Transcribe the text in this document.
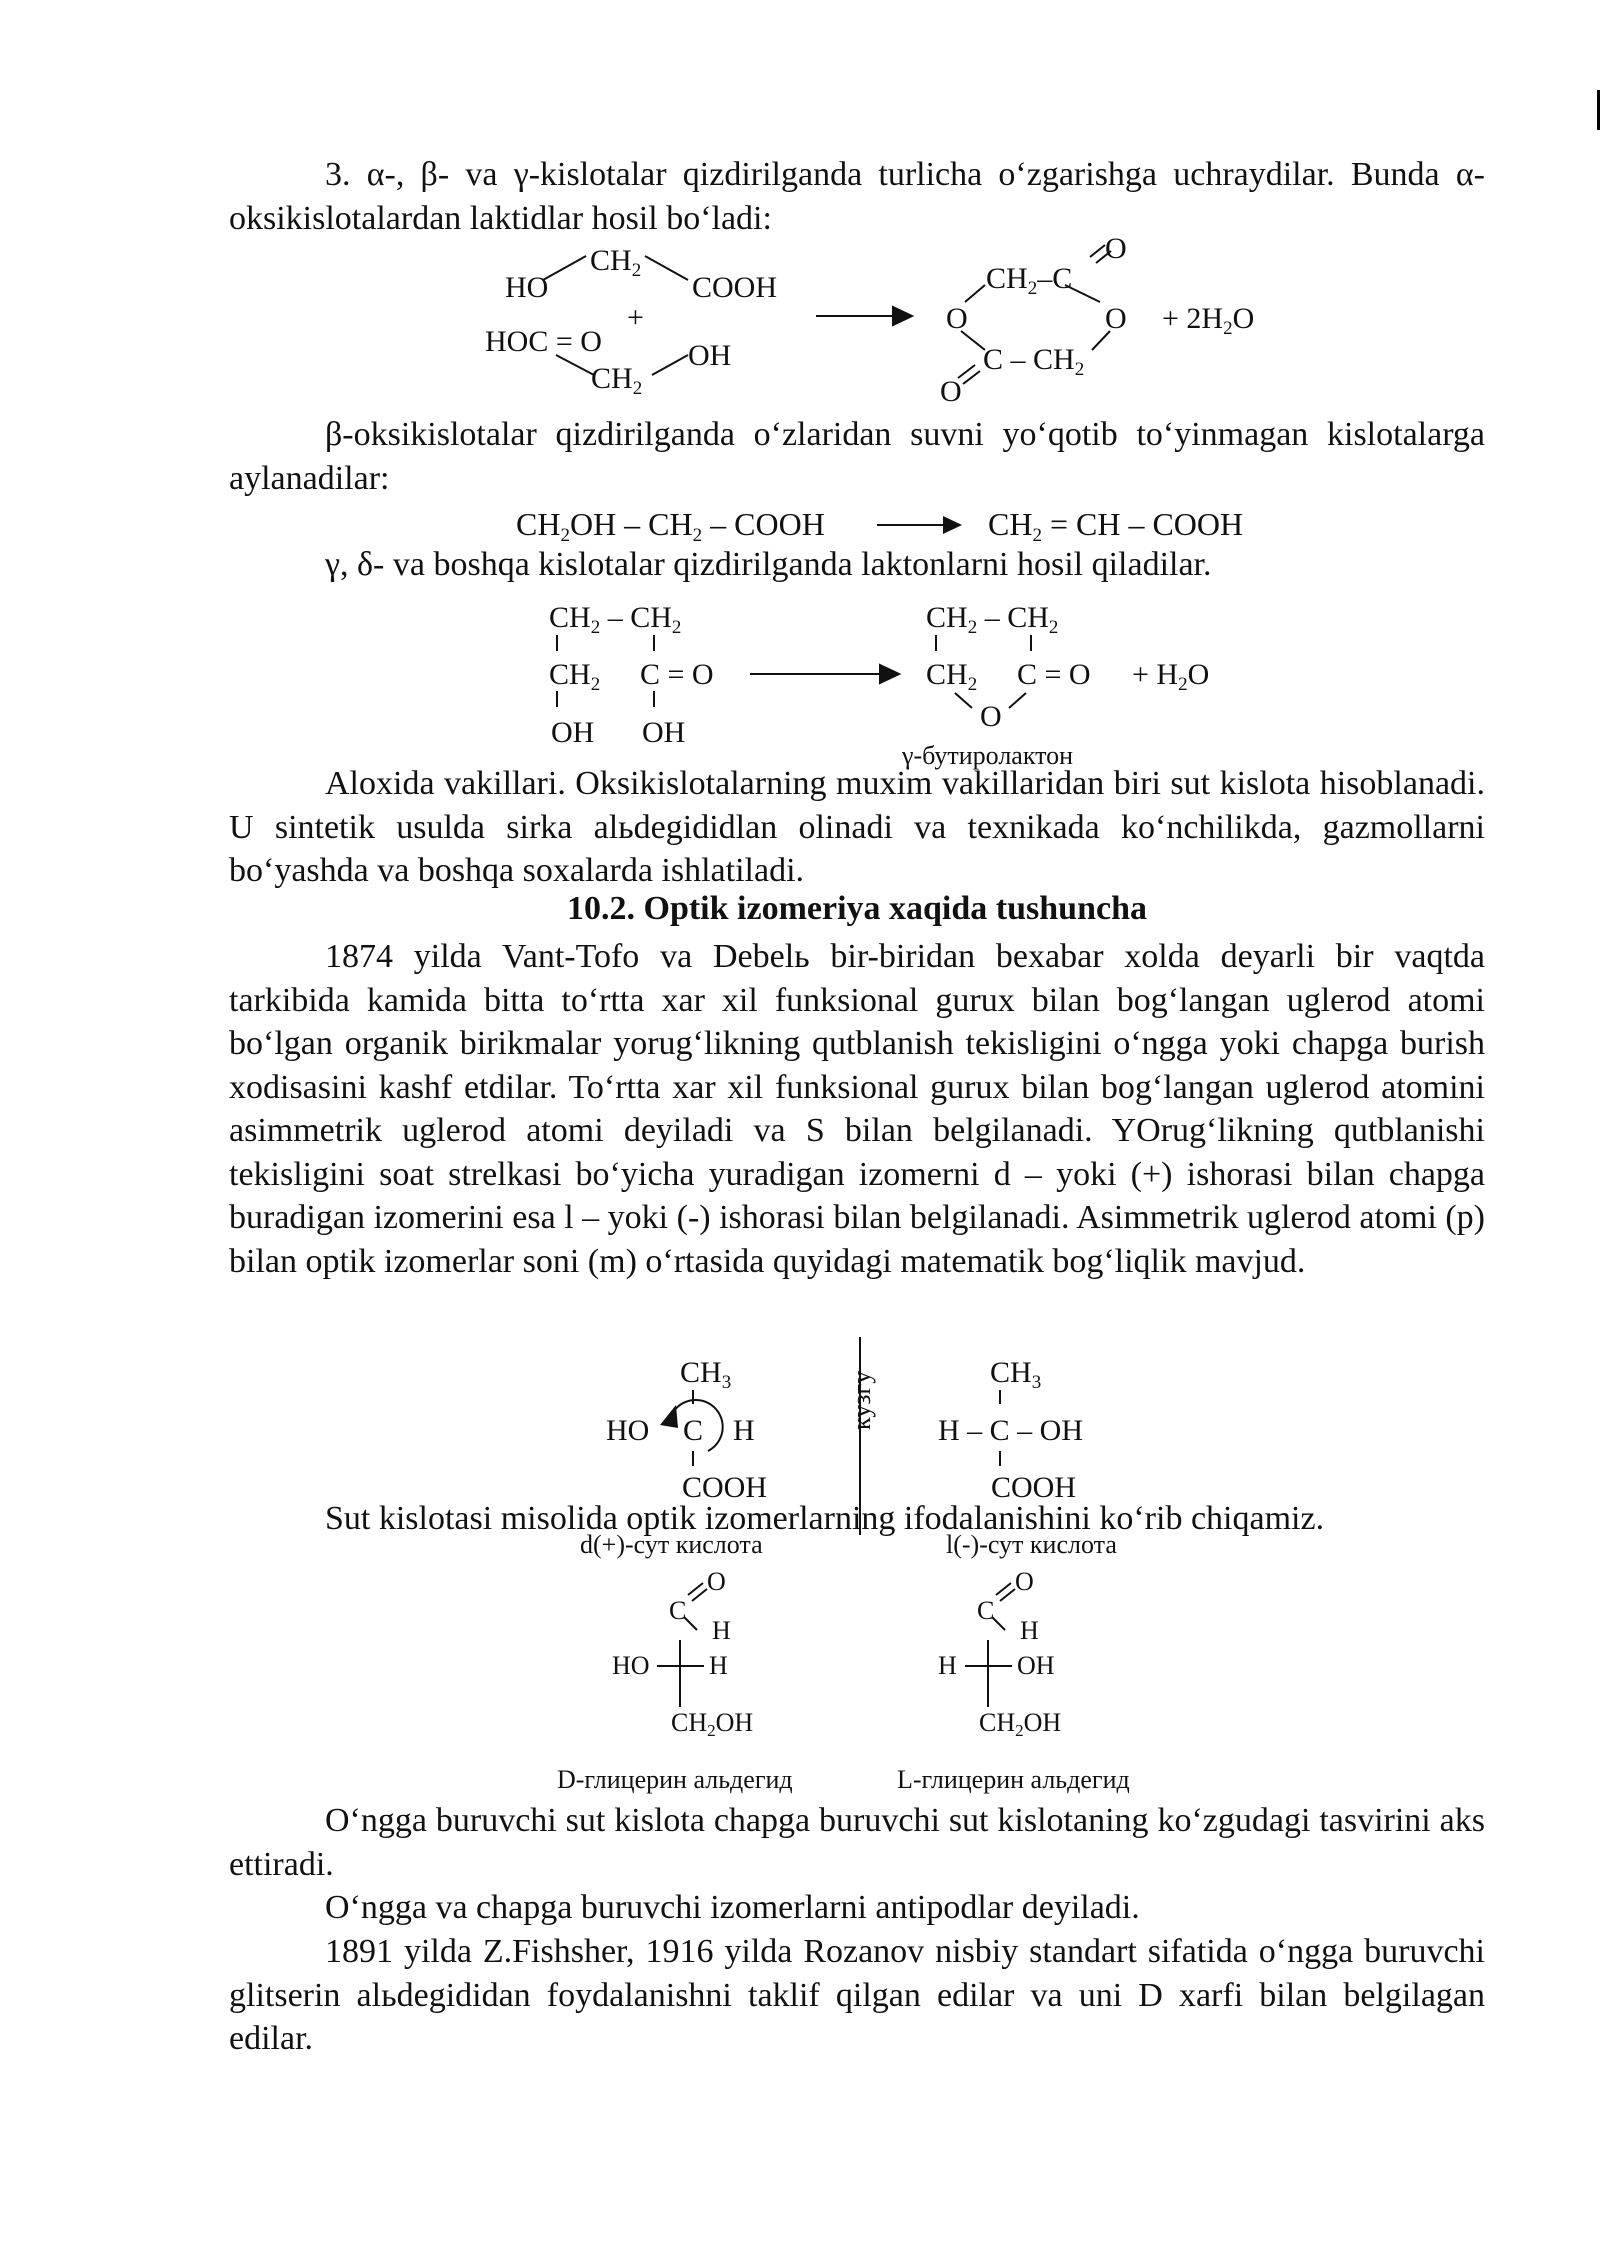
3. α-, β- va γ-kislotalar qizdirilganda turlicha o‘zgarishga uchraydilar. Bunda α-oksikislotalardan laktidlar hosil bo‘ladi:

HO
$CH_2$
COOH
+
HOC = O	OH
$CH_2$
O
$CH_2-C$
O	O
C – $CH_2$
O
+ $2H_2O$

β-oksikislotalar qizdirilganda o‘zlaridan suvni yo‘qotib to‘yinmagan kislotalarga aylanadilar:

$CH_2OH - CH_2$ – COOH	$CH_2$ = CH – COOH

γ, δ- va boshqa kislotalar qizdirilganda laktonlarni hosil qiladilar.

$CH_2 - CH_2$
$CH_2$ C = O
OH OH
$CH_2 - CH_2$
$CH_2$ C = O
O
+ $H_2O$
γ-бутиролактон

Aloxida vakillari. Oksikislotalarning muxim vakillaridan biri sut kislota hisoblanadi. U sintetik usulda sirka alьdegididlan olinadi va texnikada ko‘nchilikda, gazmollarni bo‘yashda va boshqa soxalarda ishlatiladi.

10.2. Optik izomeriya xaqida tushuncha

1874 yilda Vant-Tofo va Debelь bir-biridan bexabar xolda deyarli bir vaqtda tarkibida kamida bitta to‘rtta xar xil funksional gurux bilan bog‘langan uglerod atomi bo‘lgan organik birikmalar yorug‘likning qutblanish tekisligini o‘ngga yoki chapga burish xodisasini kashf etdilar. To‘rtta xar xil funksional gurux bilan bog‘langan uglerod atomini asimmetrik uglerod atomi deyiladi va S bilan belgilanadi. YOrug‘likning qutblanishi tekisligini soat strelkasi bo‘yicha yuradigan izomerni d – yoki (+) ishorasi bilan chapga buradigan izomerini esa l – yoki (-) ishorasi bilan belgilanadi. Asimmetrik uglerod atomi (p) bilan optik izomerlar soni (m) o‘rtasida quyidagi matematik bog‘liqlik mavjud.

$CH_3$
HO C H
COOH
d(+)-сут кислота
кузгу	$CH_3$
H – C – OH
COOH
l(-)-сут кислота

Sut kislotasi misolida optik izomerlarning ifodalanishini ko‘rib chiqamiz.

O
C
H
HO H
$CH_2OH$
D-глицерин альдегид
O
C
H
H OH
$CH_2OH$
L-глицерин альдегид

O‘ngga buruvchi sut kislota chapga buruvchi sut kislotaning ko‘zgudagi tasvirini aks ettiradi.

O‘ngga va chapga buruvchi izomerlarni antipodlar deyiladi.

1891 yilda Z.Fishsher, 1916 yilda Rozanov nisbiy standart sifatida o‘ngga buruvchi glitserin alьdegididan foydalanishni taklif qilgan edilar va uni D xarfi bilan belgilagan edilar.
